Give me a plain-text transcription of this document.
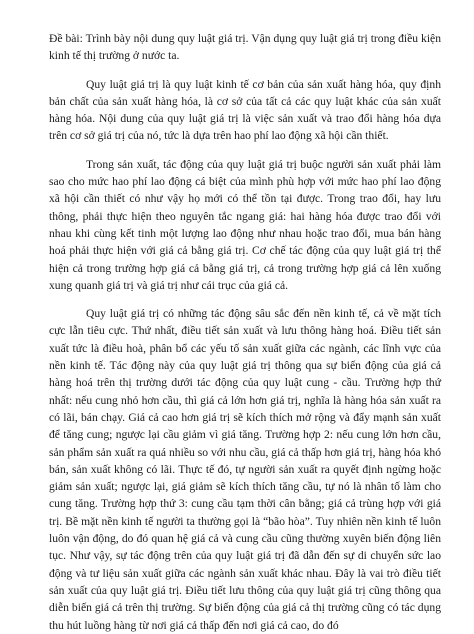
Đề bài: Trình bày nội dung quy luật giá trị. Vận dụng quy luật giá trị trong điều kiện kinh tế thị trường ở nước ta.

Quy luật giá trị là quy luật kinh tế cơ bản của sản xuất hàng hóa, quy định bản chất của sản xuất hàng hóa, là cơ sở của tất cả các quy luật khác của sản xuất hàng hóa. Nội dung của quy luật giá trị là việc sản xuất và trao đổi hàng hóa dựa trên cơ sở giá trị của nó, tức là dựa trên hao phí lao động xã hội cần thiết.

Trong sản xuất, tác động của quy luật giá trị buộc người sản xuất phải làm sao cho mức hao phí lao động cá biệt của mình phù hợp với mức hao phí lao động xã hội cần thiết có như vậy họ mới có thể tồn tại được. Trong trao đổi, hay lưu thông, phải thực hiện theo nguyên tắc ngang giá: hai hàng hóa được trao đổi với nhau khi cùng kết tinh một lượng lao động như nhau hoặc trao đổi, mua bán hàng hoá phải thực hiện với giá cả bằng giá trị. Cơ chế tác động của quy luật giá trị thể hiện cả trong trường hợp giá cả bằng giá trị, cả trong trường hợp giá cả lên xuống xung quanh giá trị và giá trị như cái trục của giá cả.

Quy luật giá trị có những tác động sâu sắc đến nền kinh tế, cả về mặt tích cực lẫn tiêu cực. Thứ nhất, điều tiết sản xuất và lưu thông hàng hoá. Điều tiết sản xuất tức là điều hoà, phân bổ các yếu tố sản xuất giữa các ngành, các lĩnh vực của nền kinh tế. Tác động này của quy luật giá trị thông qua sự biến động của giá cả hàng hoá trên thị trường dưới tác động của quy luật cung - cầu. Trường hợp thứ nhất: nếu cung nhỏ hơn cầu, thì giá cả lớn hơn giá trị, nghĩa là hàng hóa sản xuất ra có lãi, bán chạy. Giá cả cao hơn giá trị sẽ kích thích mở rộng và đẩy mạnh sản xuất để tăng cung; ngược lại cầu giảm vì giá tăng. Trường hợp 2: nếu cung lớn hơn cầu, sản phẩm sản xuất ra quá nhiều so với nhu cầu, giá cả thấp hơn giá trị, hàng hóa khó bán, sản xuất không có lãi. Thực tế đó, tự người sản xuất ra quyết định ngừng hoặc giảm sản xuất; ngược lại, giá giảm sẽ kích thích tăng cầu, tự nó là nhân tố làm cho cung tăng. Trường hợp thứ 3: cung cầu tạm thời cân bằng; giá cả trùng hợp với giá trị. Bề mặt nền kinh tế người ta thường gọi là “bão hòa”. Tuy nhiên nền kinh tế luôn luôn vận động, do đó quan hệ giá cả và cung cầu cũng thường xuyên biến động liên tục. Như vậy, sự tác động trên của quy luật giá trị đã dẫn đến sự di chuyển sức lao động và tư liệu sản xuất giữa các ngành sản xuất khác nhau. Đây là vai trò điều tiết sản xuất của quy luật giá trị. Điều tiết lưu thông của quy luật giá trị cũng thông qua diễn biến giá cả trên thị trường. Sự biến động của giá cả thị trường cũng có tác dụng thu hút luồng hàng từ nơi giá cả thấp đến nơi giá cả cao, do đó
